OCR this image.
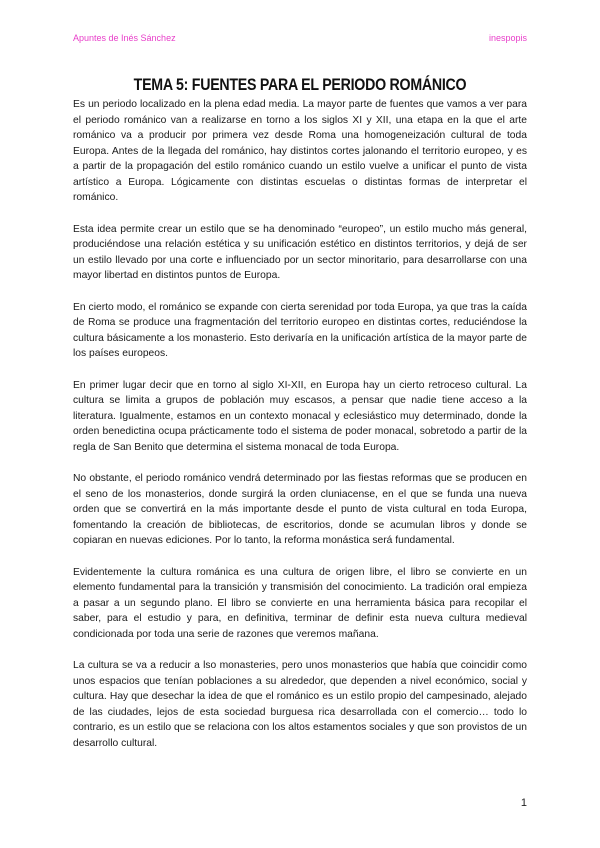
Apuntes de Inés Sánchez	inespopis
TEMA 5: FUENTES PARA EL PERIODO ROMÁNICO

Es un periodo localizado en la plena edad media. La mayor parte de fuentes que vamos a ver para el periodo románico van a realizarse en torno a los siglos XI y XII, una etapa en la que el arte románico va a producir por primera vez desde Roma una homogeneización cultural de toda Europa. Antes de la llegada del románico, hay distintos cortes jalonando el territorio europeo, y es a partir de la propagación del estilo románico cuando un estilo vuelve a unificar el punto de vista artístico a Europa. Lógicamente con distintas escuelas o distintas formas de interpretar el románico.

Esta idea permite crear un estilo que se ha denominado “europeo”, un estilo mucho más general, produciéndose una relación estética y su unificación estético en distintos territorios, y dejá de ser un estilo llevado por una corte e influenciado por un sector minoritario, para desarrollarse con una mayor libertad en distintos puntos de Europa.

En cierto modo, el románico se expande con cierta serenidad por toda Europa, ya que tras la caída de Roma se produce una fragmentación del territorio europeo en distintas cortes, reduciéndose la cultura básicamente a los monasterio. Esto derivaría en la unificación artística de la mayor parte de los países europeos.

En primer lugar decir que en torno al siglo XI-XII, en Europa hay un cierto retroceso cultural. La cultura se limita a grupos de población muy escasos, a pensar que nadie tiene acceso a la literatura. Igualmente, estamos en un contexto monacal y eclesiástico muy determinado, donde la orden benedictina ocupa prácticamente todo el sistema de poder monacal, sobretodo a partir de la regla de San Benito que determina el sistema monacal de toda Europa.

No obstante, el periodo románico vendrá determinado por las fiestas reformas que se producen en el seno de los monasterios, donde surgirá la orden cluniacense, en el que se funda una nueva orden que se convertirá en la más importante desde el punto de vista cultural en toda Europa, fomentando la creación de bibliotecas, de escritorios, donde se acumulan libros y donde se copiaran en nuevas ediciones. Por lo tanto, la reforma monástica será fundamental.

Evidentemente la cultura románica es una cultura de origen libre, el libro se convierte en un elemento fundamental para la transición y transmisión del conocimiento. La tradición oral empieza a pasar a un segundo plano. El libro se convierte en una herramienta básica para recopilar el saber, para el estudio y para, en definitiva, terminar de definir esta nueva cultura medieval condicionada por toda una serie de razones que veremos mañana.

La cultura se va a reducir a lso monasteries, pero unos monasterios que había que coincidir como unos espacios que tenían poblaciones a su alrededor, que dependen a nivel económico, social y cultura. Hay que desechar la idea de que el románico es un estilo propio del campesinado, alejado de las ciudades, lejos de esta sociedad burguesa rica desarrollada con el comercio… todo lo contrario, es un estilo que se relaciona con los altos estamentos sociales y que son provistos de un desarrollo cultural.

1
